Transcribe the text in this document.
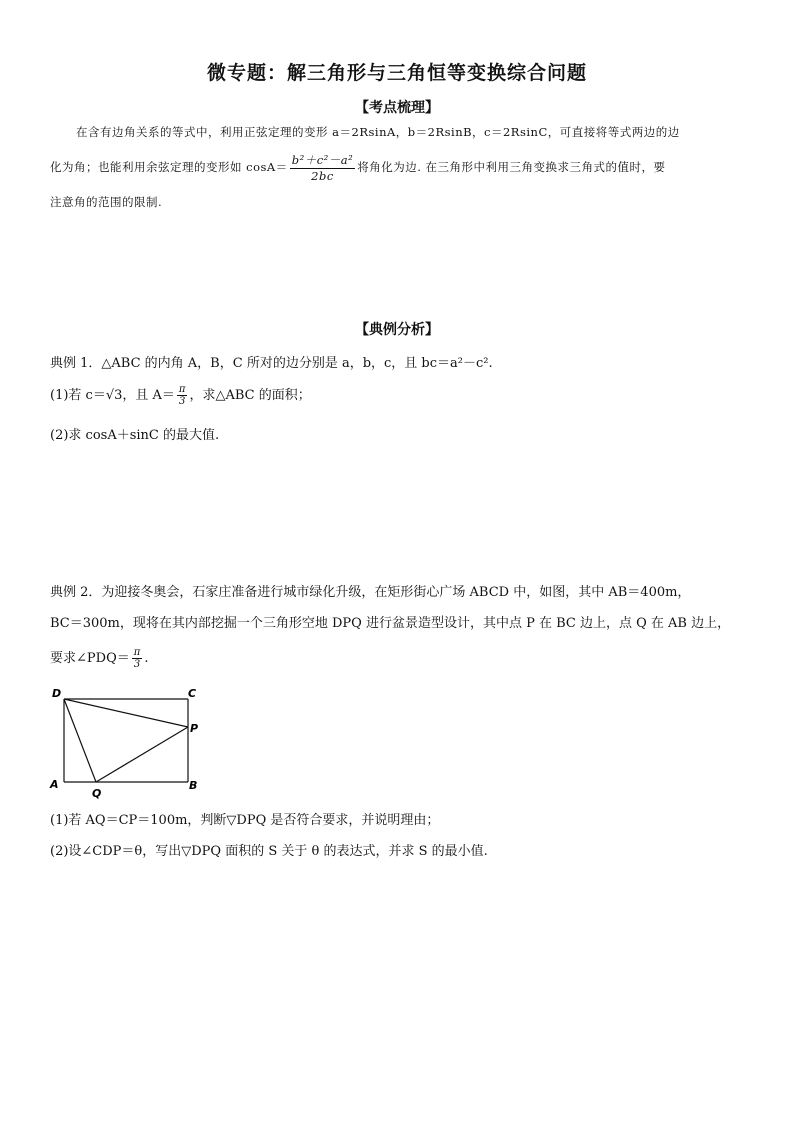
微专题：解三角形与三角恒等变换综合问题
【考点梳理】
在含有边角关系的等式中，利用正弦定理的变形 a＝2RsinA，b＝2RsinB，c＝2RsinC，可直接将等式两边的边
化为角；也能利用余弦定理的变形如 $\cos A= \frac{\text{b²＋c²－a²}}{2bc}$ 将角化为边. 在三角形中利用三角变换求三角式的值时，要
注意角的范围的限制.
【典例分析】
典例 1．△ABC 的内角 A，B，C 所对的边分别是 a，b，c，且 bc＝a²－c².
(1)若 c＝√3，且 $A= \frac{\pi}{3}$ ，求△ABC 的面积；
(2)求 cosA＋sinC 的最大值.
典例 2．为迎接冬奥会，石家庄准备进行城市绿化升级，在矩形街心广场 ABCD 中，如图，其中 AB＝400m，
BC＝300m，现将在其内部挖掘一个三角形空地 DPQ 进行盆景造型设计，其中点 P 在 BC 边上，点 Q 在 AB 边上，
要求∠PDQ＝ $\frac{\pi}{3}$ .
D	C
P
A	B
Q
(1)若 AQ＝CP＝100m，判断▽DPQ 是否符合要求，并说明理由；
(2)设∠CDP＝θ，写出▽DPQ 面积的 S 关于 θ 的表达式，并求 S 的最小值.
